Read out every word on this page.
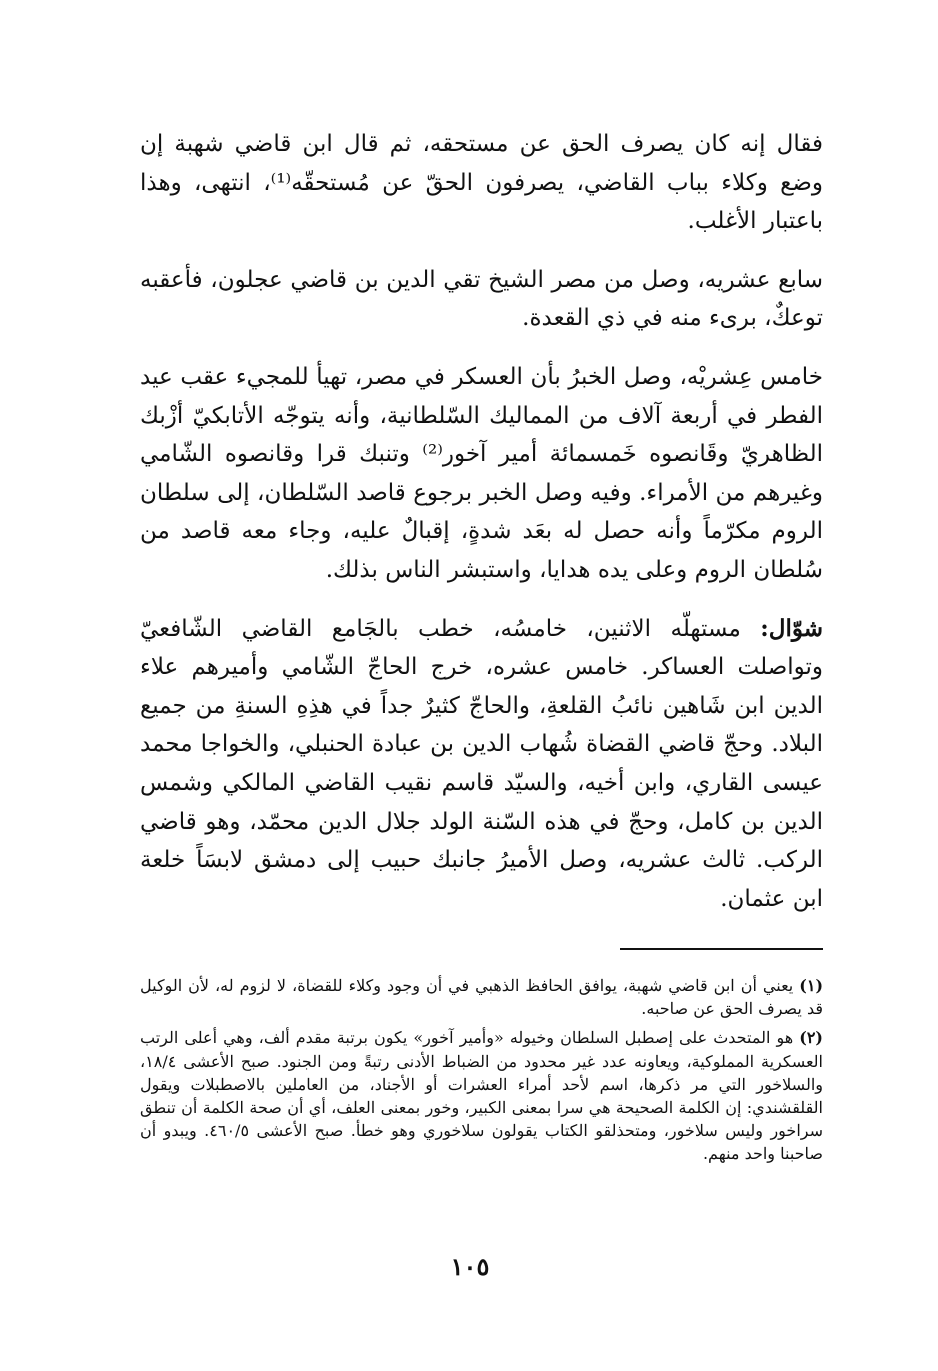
فقال إنه كان يصرف الحق عن مستحقه، ثم قال ابن قاضي شهبة إن وضع وكلاء بباب القاضي، يصرفون الحقّ عن مُستحقّه⁽¹⁾، انتهى، وهذا باعتبار الأغلب.

سابع عشريه، وصل من مصر الشيخ تقي الدين بن قاضي عجلون، فأعقبه توعكٌ، برىء منه في ذي القعدة.

خامس عِشريْه، وصل الخبرُ بأن العسكر في مصر، تهيأ للمجيء عقب عيد الفطر في أربعة آلاف من المماليك السّلطانية، وأنه يتوجّه الأتابكيّ أزْبك الظاهريّ وقَانصوه خَمسمائة أمير آخور⁽²⁾ وتنبك قرا وقانصوه الشّامي وغيرهم من الأمراء. وفيه وصل الخبر برجوع قاصد السّلطان، إلى سلطان الروم مكرّماً وأنه حصل له بعَد شدةٍ، إقبالٌ عليه، وجاء معه قاصد من سُلطان الروم وعلى يده هدايا، واستبشر الناس بذلك.

شوّال: مستهلّه الاثنين، خامسُه، خطب بالجَامع القاضي الشّافعيّ وتواصلت العساكر. خامس عشره، خرج الحاجّ الشّامي وأميرهم علاء الدين ابن شَاهين نائبُ القلعةِ، والحاجّ كثيرٌ جداً في هذِهِ السنةِ من جميع البلاد. وحجّ قاضي القضاة شُهاب الدين بن عبادة الحنبلي، والخواجا محمد عيسى القاري، وابن أخيه، والسيّد قاسم نقيب القاضي المالكي وشمس الدين بن كامل، وحجّ في هذه السّنة الولد جلال الدين محمّد، وهو قاضي الركب. ثالث عشريه، وصل الأميرُ جانبك حبيب إلى دمشق لابسَاً خلعة ابن عثمان.

(١) يعني أن ابن قاضي شهبة، يوافق الحافظ الذهبي في أن وجود وكلاء للقضاة، لا لزوم له، لأن الوكيل قد يصرف الحق عن صاحبه.

(٢) هو المتحدث على إصطبل السلطان وخيوله «وأمير آخور» يكون برتبة مقدم ألف، وهي أعلى الرتب العسكرية المملوكية، ويعاونه عدد غير محدود من الضباط الأدنى رتبةً ومن الجنود. صبح الأعشى ١٨/٤، والسلاخور التي مر ذكرها، اسم لأحد أمراء العشرات أو الأجناد، من العاملين بالاصطبلات ويقول القلقشندي: إن الكلمة الصحيحة هي سرا بمعنى الكبير، وخور بمعنى العلف، أي أن صحة الكلمة أن تنطق سراخور وليس سلاخور، ومتحذلقو الكتاب يقولون سلاخوري وهو خطأ. صبح الأعشى ٤٦٠/٥. ويبدو أن صاحبنا واحد منهم.

١٠٥
